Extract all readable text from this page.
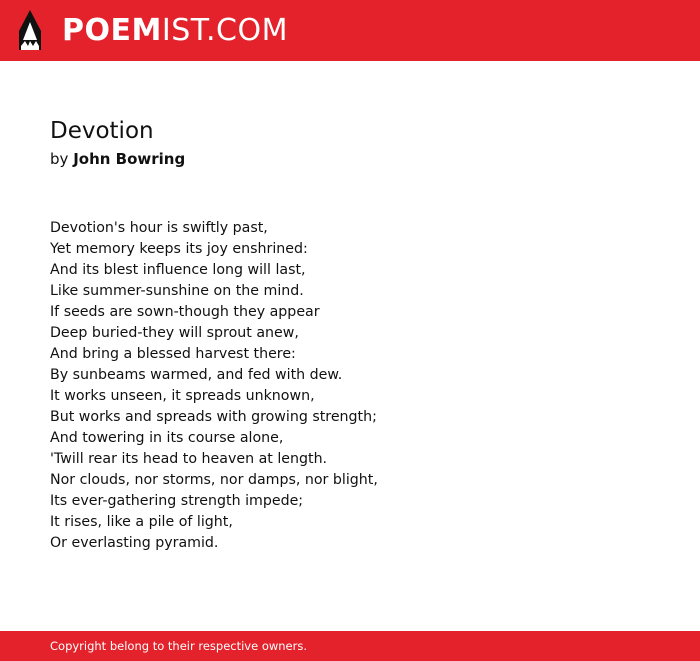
POEMIST.COM
Devotion
by John Bowring
Devotion's hour is swiftly past,
Yet memory keeps its joy enshrined:
And its blest influence long will last,
Like summer-sunshine on the mind.
If seeds are sown-though they appear
Deep buried-they will sprout anew,
And bring a blessed harvest there:
By sunbeams warmed, and fed with dew.
It works unseen, it spreads unknown,
But works and spreads with growing strength;
And towering in its course alone,
'Twill rear its head to heaven at length.
Nor clouds, nor storms, nor damps, nor blight,
Its ever-gathering strength impede;
It rises, like a pile of light,
Or everlasting pyramid.
Copyright belong to their respective owners.
